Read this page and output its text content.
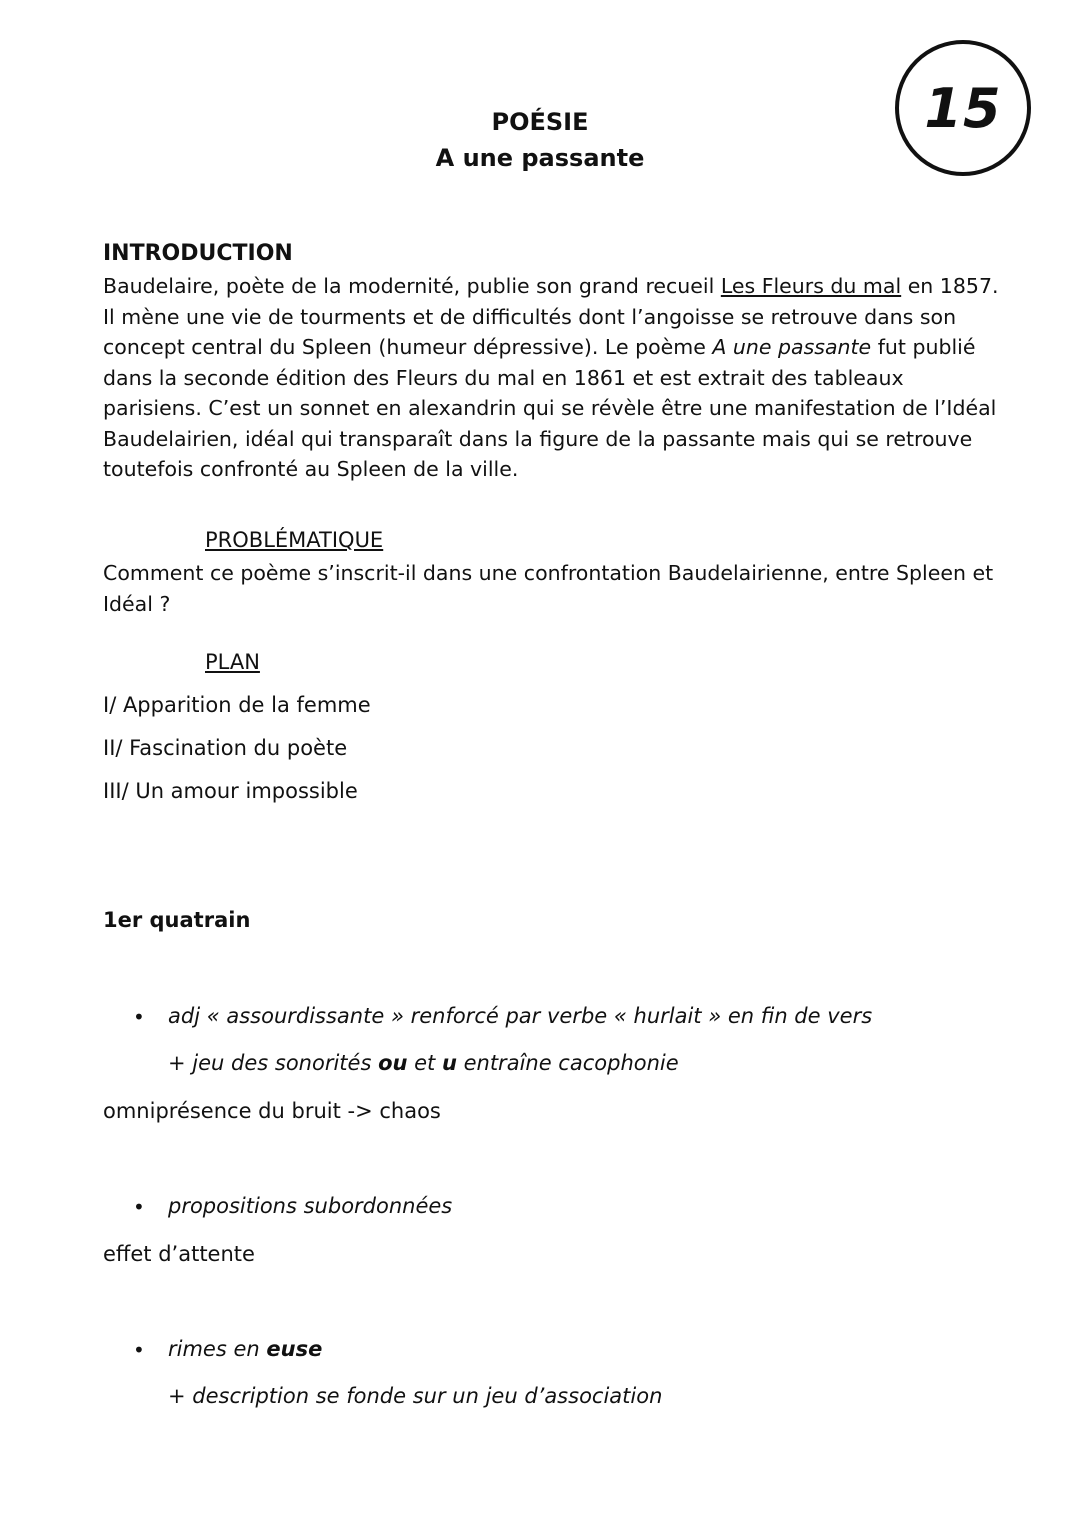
POÉSIE
A une passante
15
INTRODUCTION
Baudelaire, poète de la modernité, publie son grand recueil Les Fleurs du mal en 1857.
Il mène une vie de tourments et de difficultés dont l’angoisse se retrouve dans son
concept central du Spleen (humeur dépressive). Le poème A une passante fut publié
dans la seconde édition des Fleurs du mal en 1861 et est extrait des tableaux
parisiens. C’est un sonnet en alexandrin qui se révèle être une manifestation de l’Idéal
Baudelairien, idéal qui transparaît dans la figure de la passante mais qui se retrouve
toutefois confronté au Spleen de la ville.
PROBLÉMATIQUE
Comment ce poème s’inscrit-il dans une confrontation Baudelairienne, entre Spleen et
Idéal ?
PLAN
I/ Apparition de la femme
II/ Fascination du poète
III/ Un amour impossible
1er quatrain
• adj « assourdissante » renforcé par verbe « hurlait » en fin de vers
+ jeu des sonorités ou et u entraîne cacophonie
omniprésence du bruit -> chaos
• propositions subordonnées
effet d’attente
• rimes en euse
+ description se fonde sur un jeu d’association
